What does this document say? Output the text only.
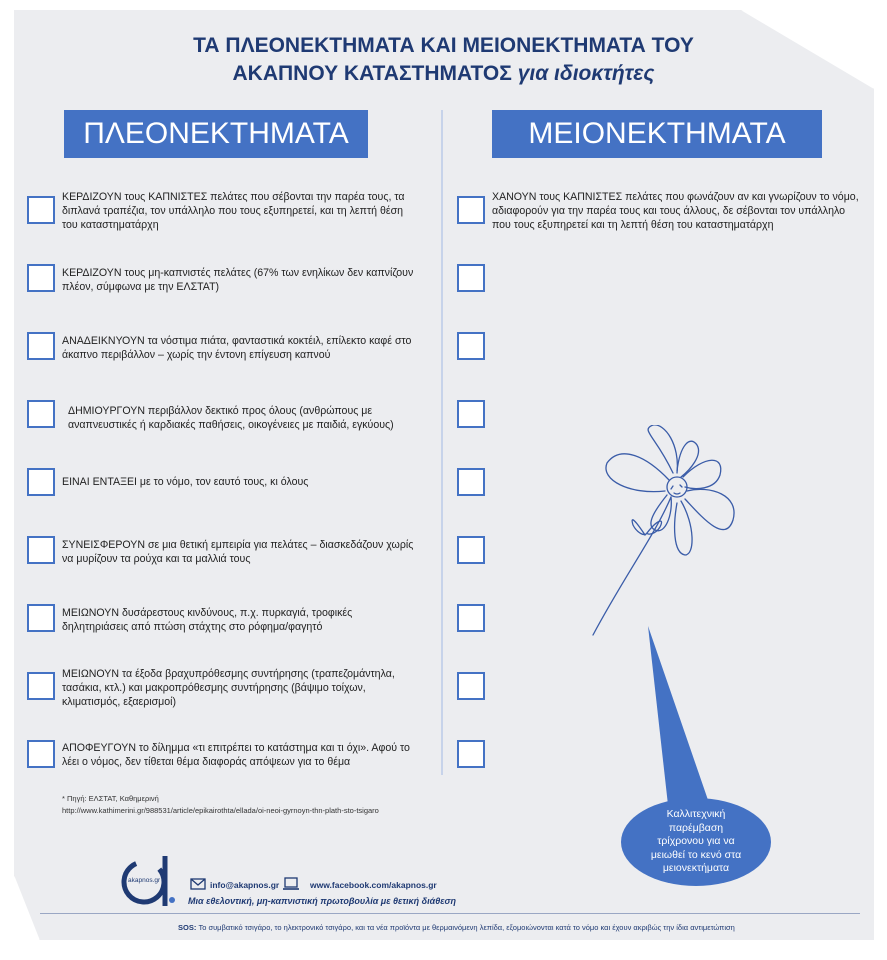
ΤΑ ΠΛΕΟΝΕΚΤΗΜΑΤΑ ΚΑΙ ΜΕΙΟΝΕΚΤΗΜΑΤΑ ΤΟΥ
ΑΚΑΠΝΟΥ ΚΑΤΑΣΤΗΜΑΤΟΣ για ιδιοκτήτες
ΠΛΕΟΝΕΚΤΗΜΑΤΑ	ΜΕΙΟΝΕΚΤΗΜΑΤΑ
ΚΕΡΔΙΖΟΥΝ τους ΚΑΠΝΙΣΤΕΣ πελάτες που σέβονται την παρέα τους, τα διπλανά τραπέζια, τον υπάλληλο που τους εξυπηρετεί, και τη λεπτή θέση του καταστηματάρχη
ΚΕΡΔΙΖΟΥΝ τους μη-καπνιστές πελάτες (67% των ενηλίκων δεν καπνίζουν πλέον, σύμφωνα με την ΕΛΣΤΑΤ)
ΑΝΑΔΕΙΚΝΥΟΥΝ τα νόστιμα πιάτα, φανταστικά κοκτέιλ, επίλεκτο καφέ στο άκαπνο περιβάλλον – χωρίς την έντονη επίγευση καπνού
ΔΗΜΙΟΥΡΓΟΥΝ περιβάλλον δεκτικό προς όλους (ανθρώπους με αναπνευστικές ή καρδιακές παθήσεις, οικογένειες με παιδιά, εγκύους)
ΕΙΝΑΙ ΕΝΤΑΞΕΙ με το νόμο, τον εαυτό τους, κι όλους
ΣΥΝΕΙΣΦΕΡΟΥΝ σε μια θετική εμπειρία για πελάτες – διασκεδάζουν χωρίς να μυρίζουν τα ρούχα και τα μαλλιά τους
ΜΕΙΩΝΟΥΝ δυσάρεστους κινδύνους, π.χ. πυρκαγιά, τροφικές δηλητηριάσεις από πτώση στάχτης στο ρόφημα/φαγητό
ΜΕΙΩΝΟΥΝ τα έξοδα βραχυπρόθεσμης συντήρησης (τραπεζομάντηλα, τασάκια, κτλ.) και μακροπρόθεσμης συντήρησης (βάψιμο τοίχων, κλιματισμός, εξαερισμοί)
ΑΠΟΦΕΥΓΟΥΝ το δίλημμα «τι επιτρέπει το κατάστημα και τι όχι». Αφού το λέει ο νόμος, δεν τίθεται θέμα διαφοράς απόψεων για το θέμα
ΧΑΝΟΥΝ τους ΚΑΠΝΙΣΤΕΣ πελάτες που φωνάζουν αν και γνωρίζουν το νόμο, αδιαφορούν για την παρέα τους και τους άλλους, δε σέβονται τον υπάλληλο που τους εξυπηρετεί και τη λεπτή θέση του καταστηματάρχη
Καλλιτεχνική παρέμβαση τρίχρονου για να μειωθεί το κενό στα μειονεκτήματα
* Πηγή: ΕΛΣΤΑΤ, Καθημερινή
http://www.kathimerini.gr/988531/article/epikairothta/ellada/oi-neoi-gyrnoyn-thn-plath-sto-tsigaro
akapnos.gr	info@akapnos.gr	www.facebook.com/akapnos.gr
Μια εθελοντική, μη-καπνιστική πρωτοβουλία με θετική διάθεση
SOS: Το συμβατικό τσιγάρο, το ηλεκτρονικό τσιγάρο, και τα νέα προϊόντα με θερμαινόμενη λεπίδα, εξομοιώνονται κατά το νόμο και έχουν ακριβώς την ίδια αντιμετώπιση
